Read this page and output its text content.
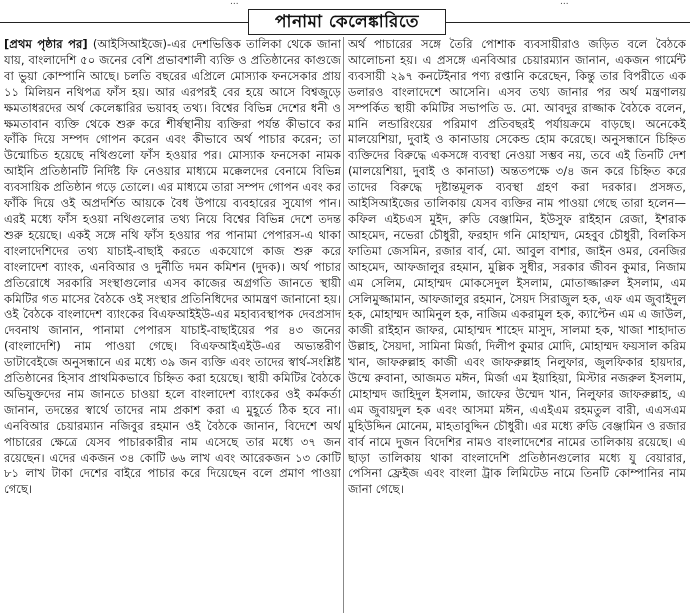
...	...
পানামা কেলেঙ্কারিতে

[প্রথম পৃষ্ঠার পর] (আইসিআইজে)-এর দেশভিত্তিক তালিকা থেকে জানা যায়, বাংলাদেশি ৫০ জনের বেশি প্রভাবশালী ব্যক্তি ও প্রতিষ্ঠানের কাগুজে বা ভুয়া কোম্পানি আছে। চলতি বছরের এপ্রিলে মোস্যাক ফনসেকার প্রায় ১১ মিলিয়ন নথিপত্র ফাঁস হয়। আর এরপরই বের হয়ে আসে বিশ্বজুড়ে ক্ষমতাধরদের অর্থ কেলেঙ্কারির ভয়াবহ তথ্য। বিশ্বের বিভিন্ন দেশের ধনী ও ক্ষমতাবান ব্যক্তি থেকে শুরু করে শীর্ষস্থানীয় ব্যক্তিরা পর্যন্ত কীভাবে কর ফাঁকি দিয়ে সম্পদ গোপন করেন এবং কীভাবে অর্থ পাচার করেন; তা উন্মোচিত হয়েছে নথিগুলো ফাঁস হওয়ার পর। মোস্যাক ফনসেকা নামক আইনি প্রতিষ্ঠানটি নির্দিষ্ট ফি নেওয়ার মাধ্যমে মক্কেলদের বেনামে বিভিন্ন ব্যবসায়িক প্রতিষ্ঠান গড়ে তোলে। এর মাধ্যমে তারা সম্পদ গোপন এবং কর ফাঁকি দিয়ে ওই অপ্রদর্শিত আয়কে বৈধ উপায়ে ব্যবহারের সুযোগ পান। এরই মধ্যে ফাঁস হওয়া নথিগুলোর তথ্য নিয়ে বিশ্বের বিভিন্ন দেশে তদন্ত শুরু হয়েছে। একই সঙ্গে নথি ফাঁস হওয়ার পর পানামা পেপারস-এ থাকা বাংলাদেশিদের তথ্য যাচাই-বাছাই করতে একযোগে কাজ শুরু করে বাংলাদেশ ব্যাংক, এনবিআর ও দুর্নীতি দমন কমিশন (দুদক)। অর্থ পাচার প্রতিরোধে সরকারি সংস্থাগুলোর এসব কাজের অগ্রগতি জানতে স্থায়ী কমিটির গত মাসের বৈঠকে ওই সংস্থার প্রতিনিধিদের আমন্ত্রণ জানানো হয়। ওই বৈঠকে বাংলাদেশ ব্যাংকের বিএফআইইউ-এর মহাব্যবস্থাপক দেবপ্রসাদ দেবনাথ জানান, পানামা পেপারস যাচাই-বাছাইয়ের পর ৪৩ জনের (বাংলাদেশি) নাম পাওয়া গেছে। বিএফআইএইউ-এর অভ্যন্তরীণ ডাটাবেইজে অনুসন্ধানে এর মধ্যে ৩৯ জন ব্যক্তি এবং তাদের স্বার্থ-সংশ্লিষ্ট প্রতিষ্ঠানের হিসাব প্রাথমিকভাবে চিহ্নিত করা হয়েছে। স্থায়ী কমিটির বৈঠকে অভিযুক্তদের নাম জানতে চাওয়া হলে বাংলাদেশ ব্যাংকের ওই কর্মকর্তা জানান, তদন্তের স্বার্থে তাদের নাম প্রকাশ করা এ মুহূর্তে ঠিক হবে না। এনবিআর চেয়ারম্যান নজিবুর রহমান ওই বৈঠকে জানান, বিদেশে অর্থ পাচারের ক্ষেত্রে যেসব পাচারকারীর নাম এসেছে তার মধ্যে ৩৭ জন রয়েছেন। এদের একজন ৩৪ কোটি ৬৬ লাখ এবং আরেকজন ১৩ কোটি ৮১ লাখ টাকা দেশের বাইরে পাচার করে দিয়েছেন বলে প্রমাণ পাওয়া গেছে।

অর্থ পাচারের সঙ্গে তৈরি পোশাক ব্যবসায়ীরাও জড়িত বলে বৈঠকে আলোচনা হয়। এ প্রসঙ্গে এনবিআর চেয়ারম্যান জানান, একজন গার্মেন্ট ব্যবসায়ী ২৯৭ কনটেইনার পণ্য রপ্তানি করেছেন, কিন্তু তার বিপরীতে এক ডলারও বাংলাদেশে আসেনি। এসব তথ্য জানার পর অর্থ মন্ত্রণালয় সম্পর্কিত স্থায়ী কমিটির সভাপতি ড. মো. আবদুর রাজ্জাক বৈঠকে বলেন, মানি লন্ডারিংয়ের পরিমাণ প্রতিবছরই পর্যায়ক্রমে বাড়ছে। অনেকেই মালয়েশিয়া, দুবাই ও কানাডায় সেকেন্ড হোম করেছে। অনুসন্ধানে চিহ্নিত ব্যক্তিদের বিরুদ্ধে একসঙ্গে ব্যবস্থা নেওয়া সম্ভব নয়, তবে এই তিনটি দেশ (মালয়েশিয়া, দুবাই ও কানাডা) অন্ততপক্ষে ৩/৪ জন করে চিহ্নিত করে তাদের বিরুদ্ধে দৃষ্টান্তমূলক ব্যবস্থা গ্রহণ করা দরকার। প্রসঙ্গত, আইসিআইজের তালিকায় যেসব ব্যক্তির নাম পাওয়া গেছে তারা হলেন— কফিল এইচএস মুইদ, রুডি বেঞ্জামিন, ইউসুফ রাইহান রেজা, ইশরাক আহমেদ, নভেরা চৌধুরী, ফরহাদ গনি মোহাম্মদ, মেহবুব চৌধুরী, বিলকিস ফাতিমা জেসমিন, রজার বার্ব, মো. আবুল বাশার, জাইন ওমর, বেনজির আহমেদ, আফজালুর রহমান, মুল্লিক সুধীর, সরকার জীবন কুমার, নিজাম এম সেলিম, মোহাম্মদ মোকসেদুল ইসলাম, মোতাজ্জারুল ইসলাম, এম সেলিমুজ্জামান, আফজালুর রহমান, সৈয়দ সিরাজুল হক, এফ এম জুবাইদুল হক, মোহাম্মদ আমিনুল হক, নাজিম একরামুল হক, ক্যাপ্টেন এম এ জাউল, কাজী রাইহান জাফর, মোহাম্মদ শাহেদ মাসুদ, সালমা হক, খাজা শাহাদাত উল্লাহ, সৈয়দা, সামিনা মির্জা, দিলীপ কুমার মোদি, মোহাম্মদ ফয়সাল করিম খান, জাফরুল্লাহ কাজী এবং জাফরুল্লাহ নিলুফার, জুলফিকার হায়দার, উম্মে রুবানা, আজমত মঈন, মির্জা এম ইয়াহিয়া, মিস্টার নজরুল ইসলাম, মোহাম্মদ জাহিদুল ইসলাম, জাফের উম্মেদ খান, নিলুফার জাফরুল্লাহ, এ এম জুবায়দুল হক এবং আসমা মঈন, এএইএম রহমতুল বারী, এএসএম মুহিউদ্দিন মোনেম, মাহতাবুদ্দিন চৌধুরী। এর মধ্যে রুডি বেঞ্জামিন ও রজার বার্ব নামে দুজন বিদেশির নামও বাংলাদেশের নামের তালিকায় রয়েছে। এ ছাড়া তালিকায় থাকা বাংলাদেশি প্রতিষ্ঠানগুলোর মধ্যে যু বেয়ারার, পেসিনা ফ্রেইজ এবং বাংলা ট্রাক লিমিটেড নামে তিনটি কোম্পানির নাম জানা গেছে।
